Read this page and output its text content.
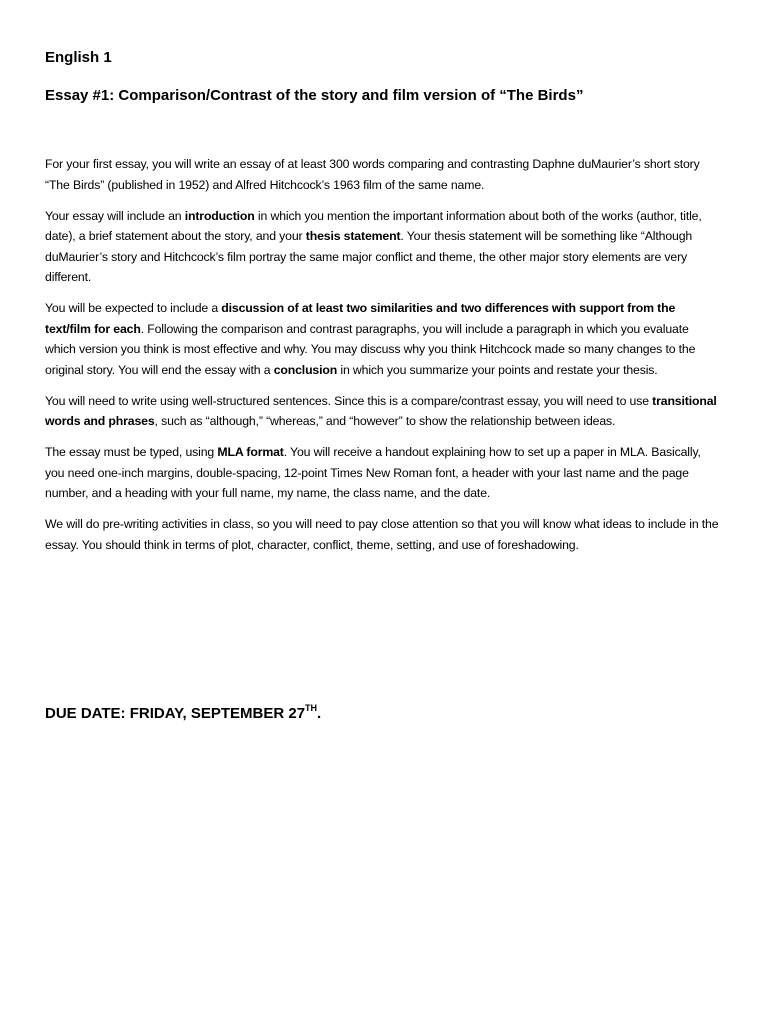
English 1
Essay #1: Comparison/Contrast of the story and film version of “The Birds”

For your first essay, you will write an essay of at least 300 words comparing and contrasting Daphne duMaurier’s short story “The Birds” (published in 1952) and Alfred Hitchcock’s 1963 film of the same name.

Your essay will include an introduction in which you mention the important information about both of the works (author, title, date), a brief statement about the story, and your thesis statement. Your thesis statement will be something like “Although duMaurier’s story and Hitchcock’s film portray the same major conflict and theme, the other major story elements are very different.

You will be expected to include a discussion of at least two similarities and two differences with support from the text/film for each. Following the comparison and contrast paragraphs, you will include a paragraph in which you evaluate which version you think is most effective and why. You may discuss why you think Hitchcock made so many changes to the original story. You will end the essay with a conclusion in which you summarize your points and restate your thesis.

You will need to write using well-structured sentences. Since this is a compare/contrast essay, you will need to use transitional words and phrases, such as “although,” “whereas,” and “however” to show the relationship between ideas.

The essay must be typed, using MLA format. You will receive a handout explaining how to set up a paper in MLA. Basically, you need one-inch margins, double-spacing, 12-point Times New Roman font, a header with your last name and the page number, and a heading with your full name, my name, the class name, and the date.

We will do pre-writing activities in class, so you will need to pay close attention so that you will know what ideas to include in the essay. You should think in terms of plot, character, conflict, theme, setting, and use of foreshadowing.

DUE DATE: FRIDAY, SEPTEMBER 27TH.
